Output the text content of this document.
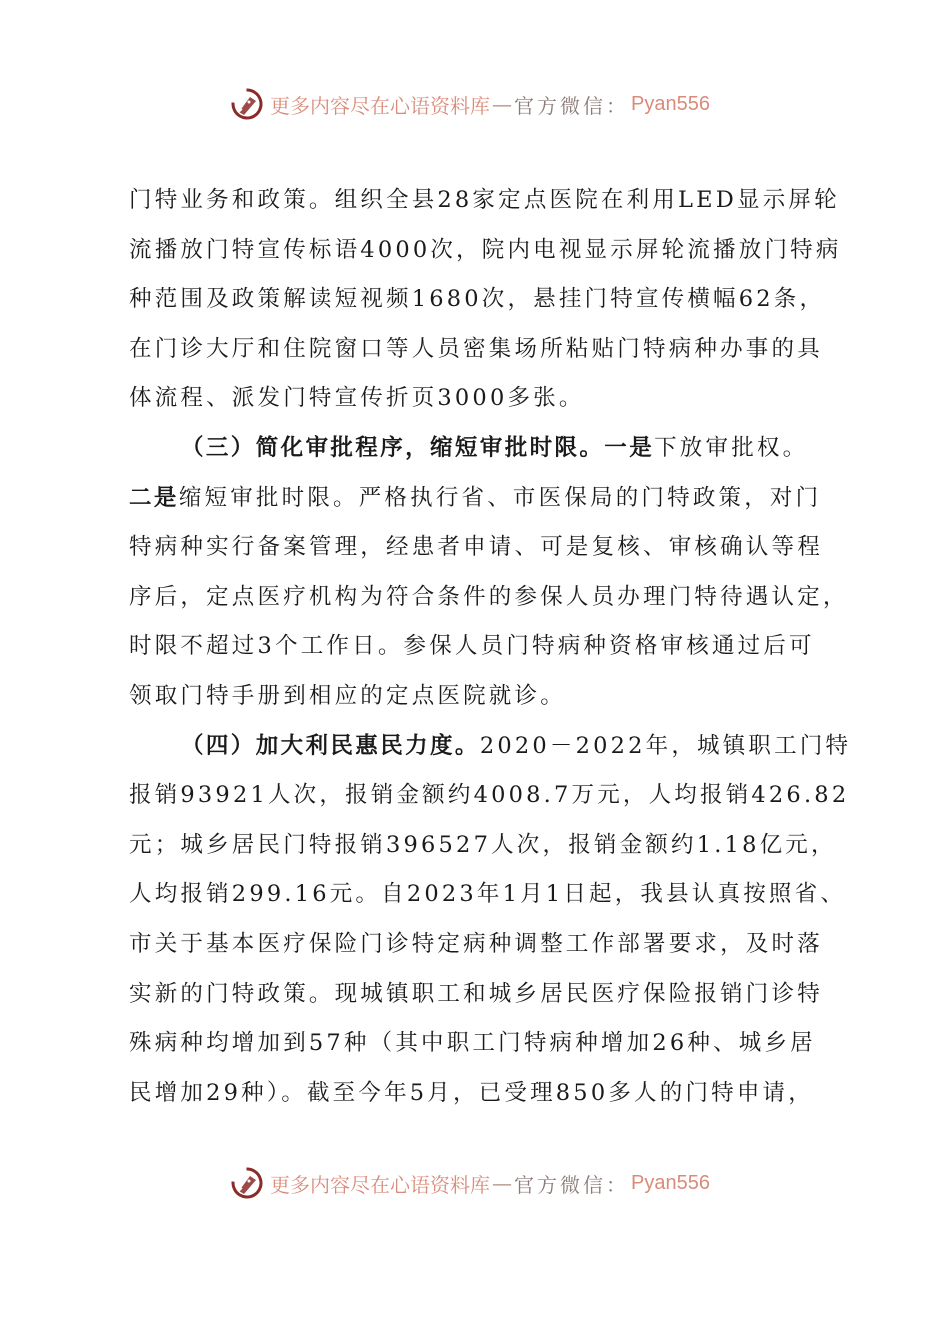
更多内容尽在心语资料库 — 官方微信： Pyan556
门特业务和政策。组织全县28家定点医院在利用LED显示屏轮
流播放门特宣传标语4000次，院内电视显示屏轮流播放门特病
种范围及政策解读短视频1680次，悬挂门特宣传横幅62条，
在门诊大厅和住院窗口等人员密集场所粘贴门特病种办事的具
体流程、派发门特宣传折页3000多张。
（三）简化审批程序，缩短审批时限。一是下放审批权。
二是缩短审批时限。严格执行省、市医保局的门特政策，对门
特病种实行备案管理，经患者申请、可是复核、审核确认等程
序后，定点医疗机构为符合条件的参保人员办理门特待遇认定，
时限不超过3个工作日。参保人员门特病种资格审核通过后可
领取门特手册到相应的定点医院就诊。
（四）加大利民惠民力度。2020－2022年，城镇职工门特
报销93921人次，报销金额约4008.7万元，人均报销426.82
元；城乡居民门特报销396527人次，报销金额约1.18亿元，
人均报销299.16元。自2023年1月1日起，我县认真按照省、
市关于基本医疗保险门诊特定病种调整工作部署要求，及时落
实新的门特政策。现城镇职工和城乡居民医疗保险报销门诊特
殊病种均增加到57种（其中职工门特病种增加26种、城乡居
民增加29种）。截至今年5月，已受理850多人的门特申请，
更多内容尽在心语资料库 — 官方微信： Pyan556
